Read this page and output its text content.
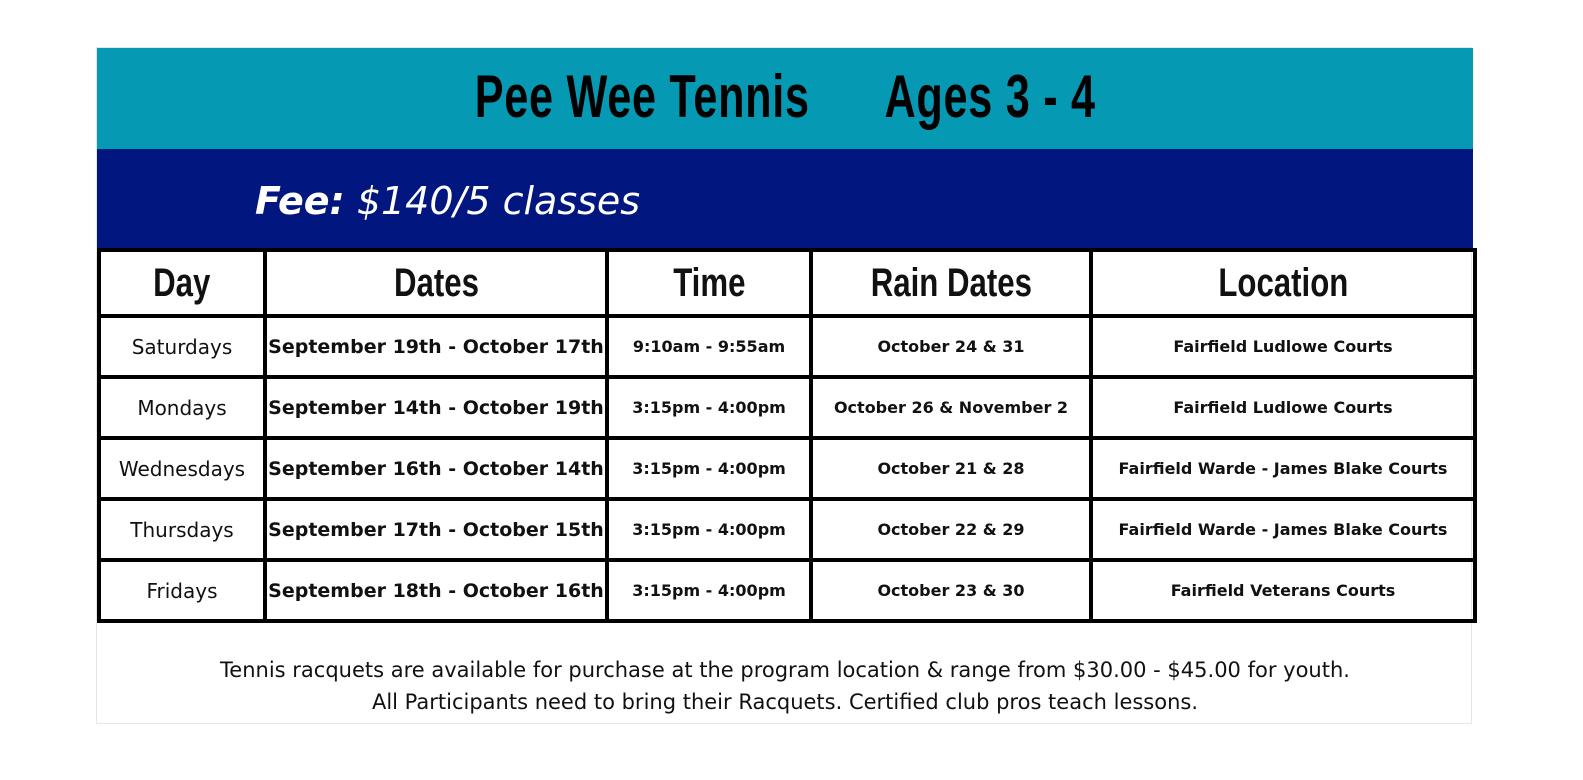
Pee Wee Tennis      Ages 3 - 4
Fee: $140/5 classes
Day	Dates	Time	Rain Dates	Location
Saturdays	September 19th - October 17th	9:10am - 9:55am	October 24 & 31	Fairfield Ludlowe Courts
Mondays	September 14th - October 19th	3:15pm - 4:00pm	October 26 & November 2	Fairfield Ludlowe Courts
Wednesdays	September 16th - October 14th	3:15pm - 4:00pm	October 21 & 28	Fairfield Warde - James Blake Courts
Thursdays	September 17th - October 15th	3:15pm - 4:00pm	October 22 & 29	Fairfield Warde - James Blake Courts
Fridays	September 18th - October 16th	3:15pm - 4:00pm	October 23 & 30	Fairfield Veterans Courts
Tennis racquets are available for purchase at the program location & range from $30.00 - $45.00 for youth.
All Participants need to bring their Racquets. Certified club pros teach lessons.
